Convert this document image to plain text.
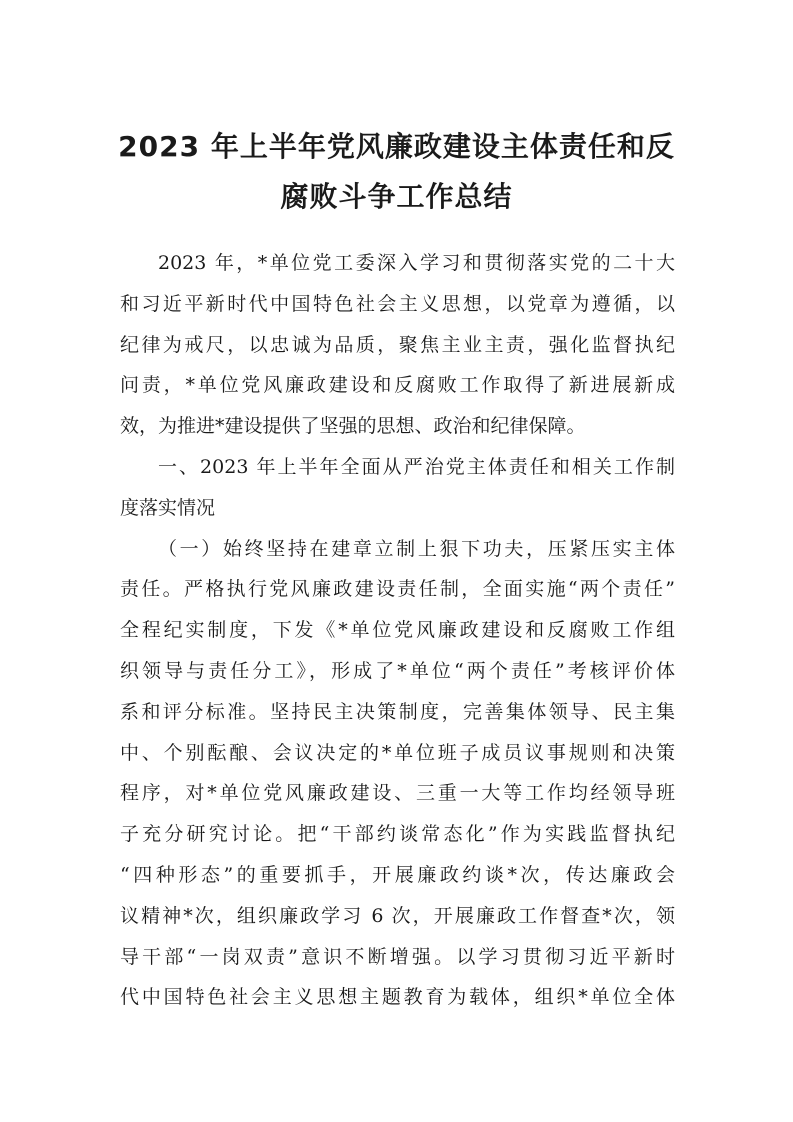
2023 年上半年党风廉政建设主体责任和反
腐败斗争工作总结

2023 年，*单位党工委深入学习和贯彻落实党的二十大
和习近平新时代中国特色社会主义思想，以党章为遵循，以
纪律为戒尺，以忠诚为品质，聚焦主业主责，强化监督执纪
问责，*单位党风廉政建设和反腐败工作取得了新进展新成
效，为推进*建设提供了坚强的思想、政治和纪律保障。

一、2023 年上半年全面从严治党主体责任和相关工作制
度落实情况

（一）始终坚持在建章立制上狠下功夫，压紧压实主体
责任。严格执行党风廉政建设责任制，全面实施“两个责任”
全程纪实制度，下发《*单位党风廉政建设和反腐败工作组
织领导与责任分工》，形成了*单位“两个责任”考核评价体
系和评分标准。坚持民主决策制度，完善集体领导、民主集
中、个别酝酿、会议决定的*单位班子成员议事规则和决策
程序，对*单位党风廉政建设、三重一大等工作均经领导班
子充分研究讨论。把“干部约谈常态化”作为实践监督执纪
“四种形态”的重要抓手，开展廉政约谈*次，传达廉政会
议精神*次，组织廉政学习 6 次，开展廉政工作督查*次，领
导干部“一岗双责”意识不断增强。以学习贯彻习近平新时
代中国特色社会主义思想主题教育为载体，组织*单位全体
